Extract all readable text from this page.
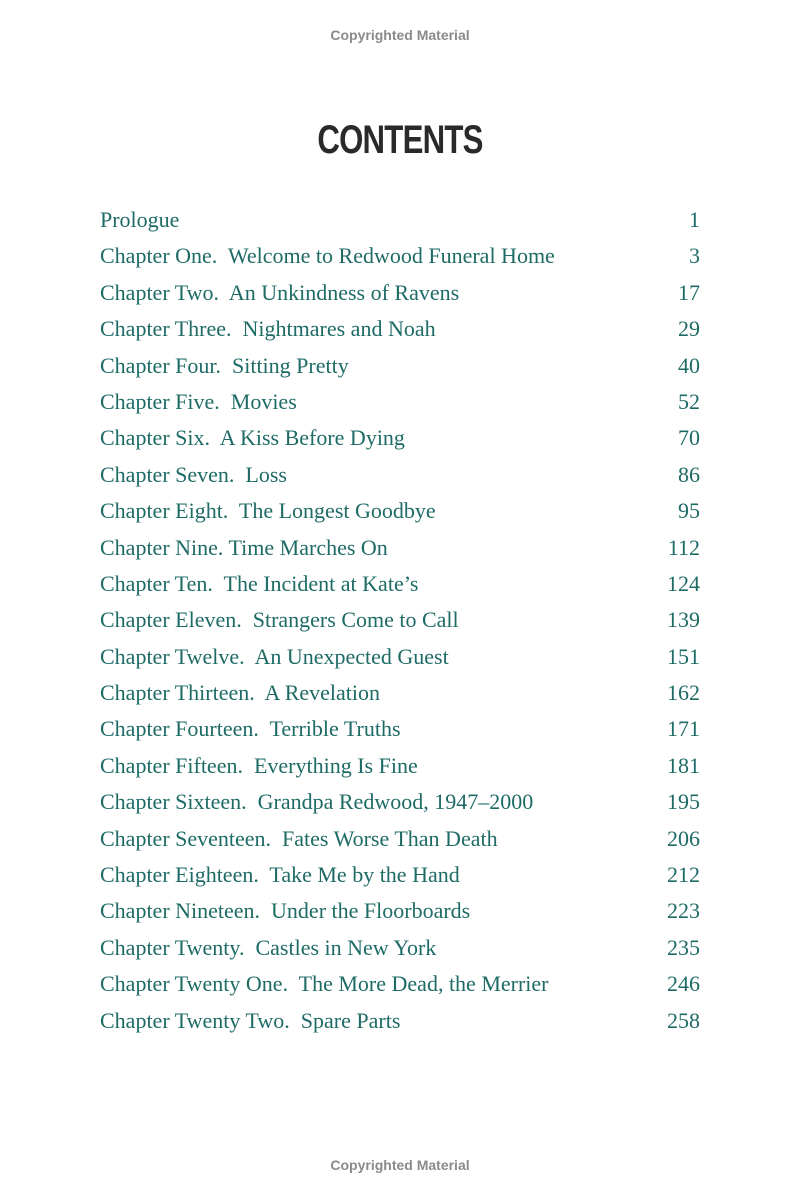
Copyrighted Material
CONTENTS
Prologue	1
Chapter One.  Welcome to Redwood Funeral Home	3
Chapter Two.  An Unkindness of Ravens	17
Chapter Three.  Nightmares and Noah	29
Chapter Four.  Sitting Pretty	40
Chapter Five.  Movies	52
Chapter Six.  A Kiss Before Dying	70
Chapter Seven.  Loss	86
Chapter Eight.  The Longest Goodbye	95
Chapter Nine. Time Marches On	112
Chapter Ten.  The Incident at Kate’s	124
Chapter Eleven.  Strangers Come to Call	139
Chapter Twelve.  An Unexpected Guest	151
Chapter Thirteen.  A Revelation	162
Chapter Fourteen.  Terrible Truths	171
Chapter Fifteen.  Everything Is Fine	181
Chapter Sixteen.  Grandpa Redwood, 1947–2000	195
Chapter Seventeen.  Fates Worse Than Death	206
Chapter Eighteen.  Take Me by the Hand	212
Chapter Nineteen.  Under the Floorboards	223
Chapter Twenty.  Castles in New York	235
Chapter Twenty One.  The More Dead, the Merrier	246
Chapter Twenty Two.  Spare Parts	258
Copyrighted Material
